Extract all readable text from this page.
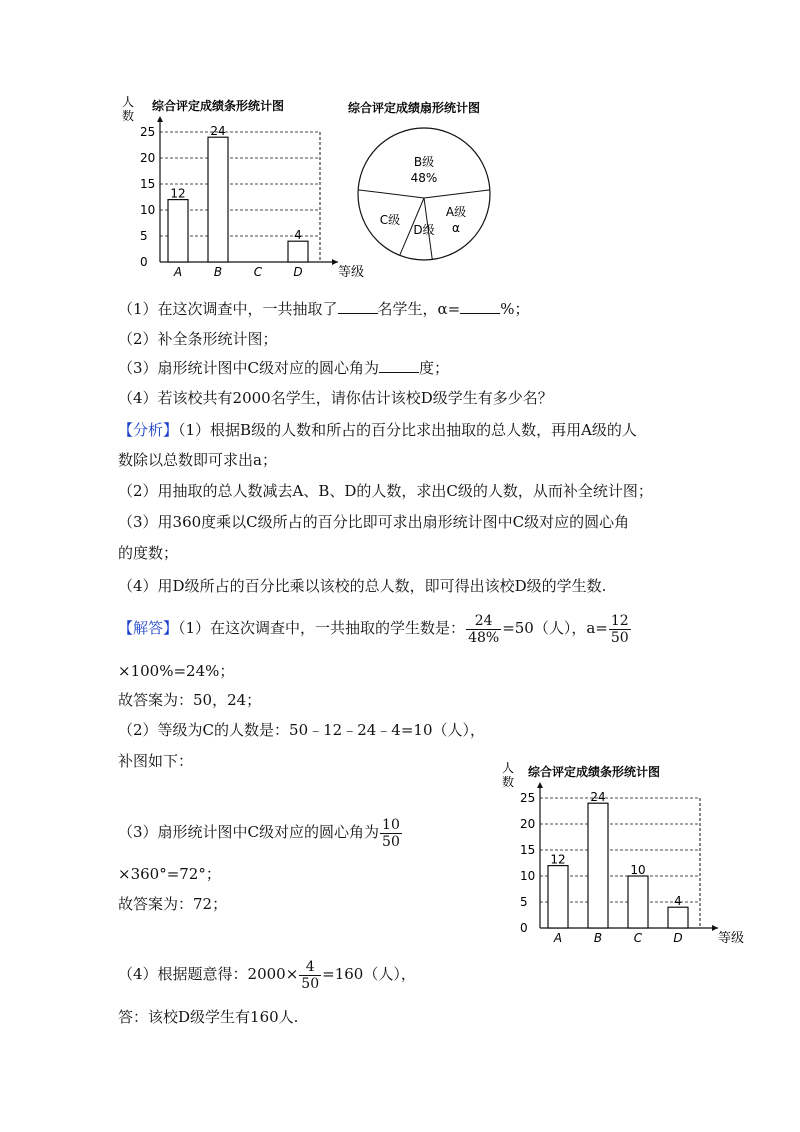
综合评定成绩条形统计图
人
数
0
5
10
15
20
25
等级
A
12
B
24
C	D
4
综合评定成绩扇形统计图
B级
48%
A级
α
D级
C级
（1）在这次调查中，一共抽取了	名学生，α=	%；
（2）补全条形统计图；
（3）扇形统计图中C级对应的圆心角为	度；
（4）若该校共有2000名学生，请你估计该校D级学生有多少名？
【分析】（1）根据B级的人数和所占的百分比求出抽取的总人数，再用A级的人
数除以总数即可求出a；
（2）用抽取的总人数减去A、B、D的人数，求出C级的人数，从而补全统计图；
（3）用360度乘以C级所占的百分比即可求出扇形统计图中C级对应的圆心角
的度数；
（4）用D级所占的百分比乘以该校的总人数，即可得出该校D级的学生数.
【解答】（1）在这次调查中，一共抽取的学生数是： $\frac{24}{48\%} =50$（人），$a= \frac{12}{50}$
×100%=24%；
故答案为：50，24；
（2）等级为C的人数是：50﹣12﹣24﹣4=10（人），
补图如下：
（3）扇形统计图中C级对应的圆心角为 $\frac{10}{50}$
×360°=72°；
故答案为：72；
（4）根据题意得：$2000\times \frac{4}{50} =160$（人），
答：该校D级学生有160人.
综合评定成绩条形统计图
人
数
0
5
10
15
20
25
等级
A
12
B
24
C
10
D
4
